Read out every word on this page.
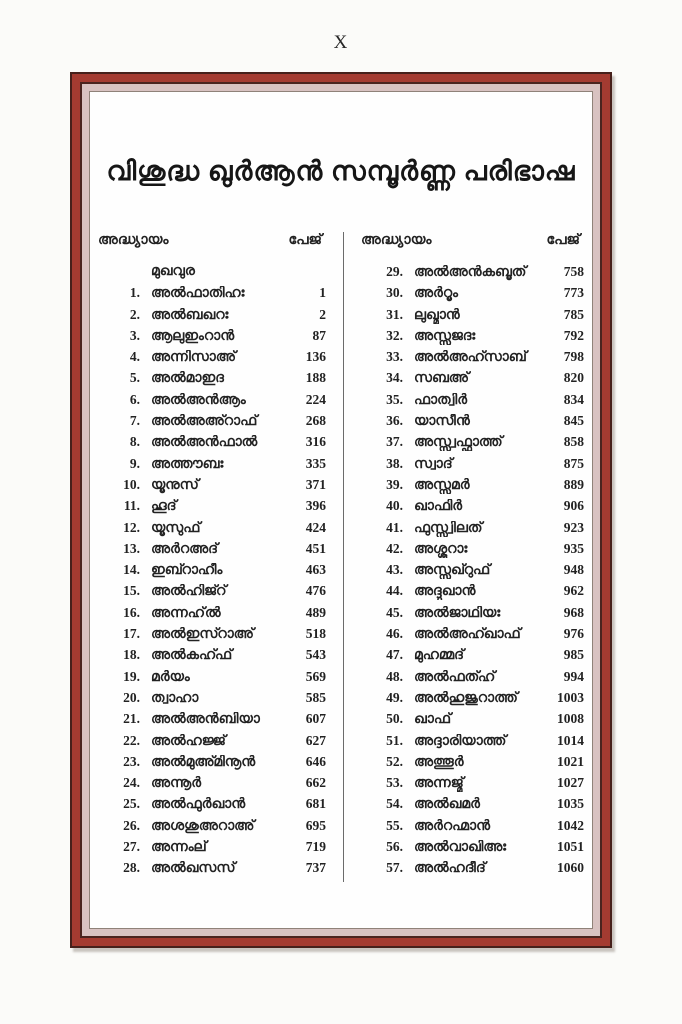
X
വിശുദ്ധ ഖുർആൻ സമ്പൂർണ്ണ പരിഭാഷ
അദ്ധ്യായം	പേജ്
മുഖവുര
1. അൽഫാതിഹഃ	1
2. അൽബഖറഃ	2
3. ആലുഇംറാൻ	87
4. അന്നിസാഅ്	136
5. അൽമാഇദ	188
6. അൽഅൻആം	224
7. അൽഅഅ്റാഫ്	268
8. അൽഅൻഫാൽ	316
9. അത്തൗബഃ	335
10. യൂനുസ്	371
11. ഹൂദ്	396
12. യൂസുഫ്	424
13. അർറഅദ്	451
14. ഇബ്റാഹീം	463
15. അൽഹിജ്റ്	476
16. അന്നഹ്ൽ	489
17. അൽഇസ്റാഅ്	518
18. അൽകഹ്ഫ്	543
19. മർയം	569
20. ത്വാഹാ	585
21. അൽഅൻബിയാ	607
22. അൽഹജ്ജ്	627
23. അൽമുഅ്മിനൂൻ	646
24. അന്നൂർ	662
25. അൽഫുർഖാൻ	681
26. അശശുഅറാഅ്	695
27. അന്നംല്	719
28. അൽഖസസ്	737
അദ്ധ്യായം	പേജ്
29. അൽഅൻകബൂത്	758
30. അർറൂം	773
31. ലുഖ്മാൻ	785
32. അസ്സജദഃ	792
33. അൽഅഹ്സാബ്	798
34. സബഅ്	820
35. ഫാത്വിർ	834
36. യാസീൻ	845
37. അസ്സ്വഫ്ഫാത്ത്	858
38. സ്വാദ്	875
39. അസ്സുമർ	889
40. ഖാഫിർ	906
41. ഫുസ്സ്വിലത്	923
42. അശ്ശൂറാഃ	935
43. അസ്സുഖ്റുഫ്	948
44. അദ്ദുഖാൻ	962
45. അൽജാഥിയഃ	968
46. അൽഅഹ്ഖാഫ്	976
47. മുഹമ്മദ്	985
48. അൽഫത്ഹ്	994
49. അൽഹുജുറാത്ത്	1003
50. ഖാഫ്	1008
51. അദ്ദാരിയാത്ത്	1014
52. അത്തൂർ	1021
53. അന്നജ്മ്	1027
54. അൽഖമർ	1035
55. അർറഹ്മാൻ	1042
56. അൽവാഖിഅഃ	1051
57. അൽഹദീദ്	1060
